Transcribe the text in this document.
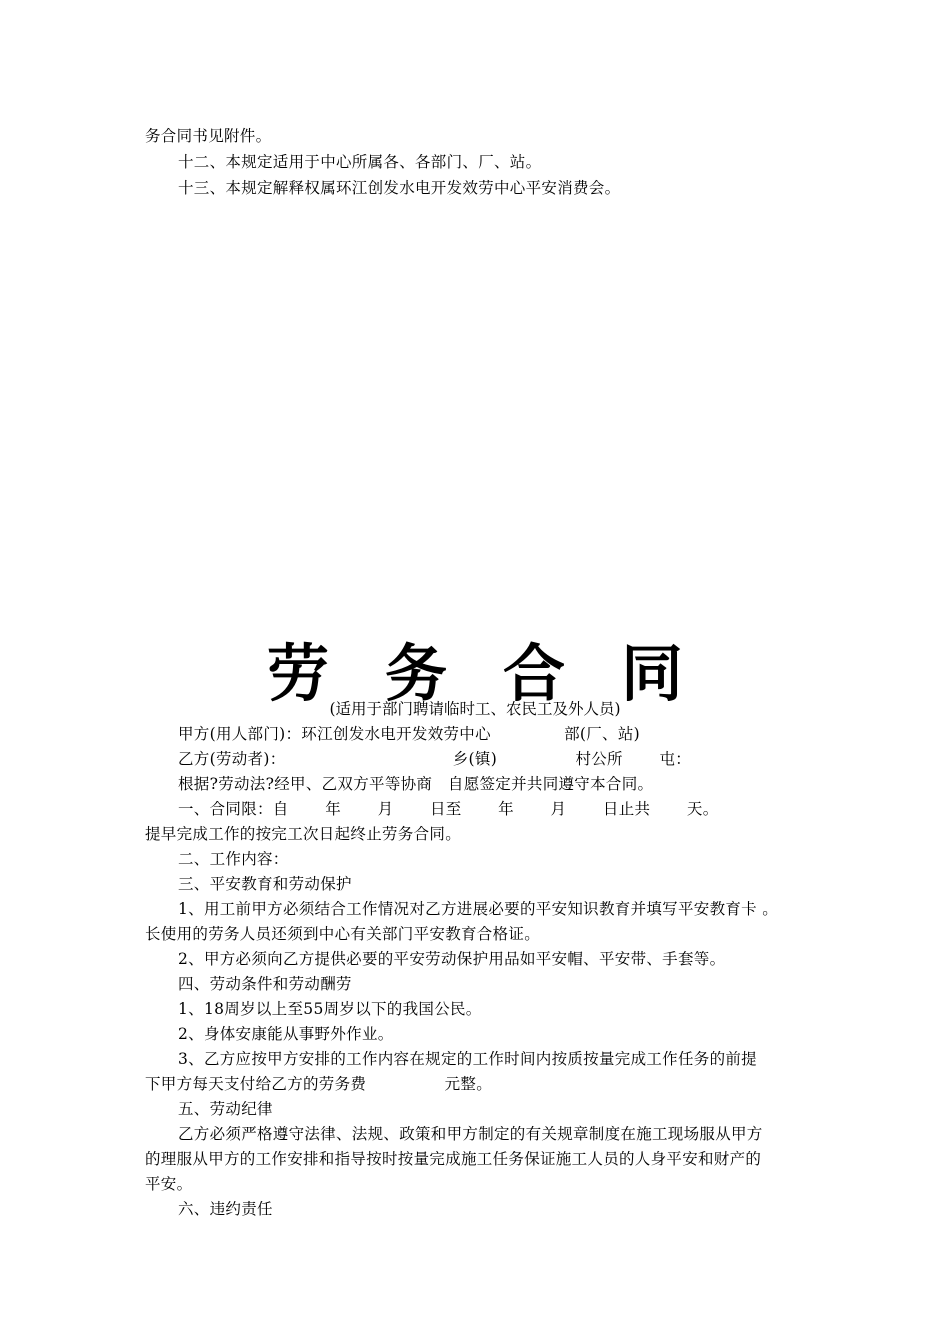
务合同书见附件。
十二、本规定适用于中心所属各、各部门、厂、站。
十三、本规定解释权属环江创发水电开发效劳中心平安消费会。
劳 务 合 同
(适用于部门聘请临时工、农民工及外人员)
甲方(用人部门)：环江创发水电开发效劳中心              部(厂、站)
乙方(劳动者)：                                乡(镇)               村公所       屯：
根据?劳动法?经甲、乙双方平等协商   自愿签定并共同遵守本合同。
一、合同限：自       年       月       日至       年       月       日止共       天。
提早完成工作的按完工次日起终止劳务合同。
二、工作内容：
三、平安教育和劳动保护
1、用工前甲方必须结合工作情况对乙方进展必要的平安知识教育并填写平安教育卡 。
长使用的劳务人员还须到中心有关部门平安教育合格证。
2、甲方必须向乙方提供必要的平安劳动保护用品如平安帽、平安带、手套等。
四、劳动条件和劳动酬劳
1、18周岁以上至55周岁以下的我国公民。
2、身体安康能从事野外作业。
3、乙方应按甲方安排的工作内容在规定的工作时间内按质按量完成工作任务的前提
下甲方每天支付给乙方的劳务费               元整。
五、劳动纪律
乙方必须严格遵守法律、法规、政策和甲方制定的有关规章制度在施工现场服从甲方
的理服从甲方的工作安排和指导按时按量完成施工任务保证施工人员的人身平安和财产的
平安。
六、违约责任
